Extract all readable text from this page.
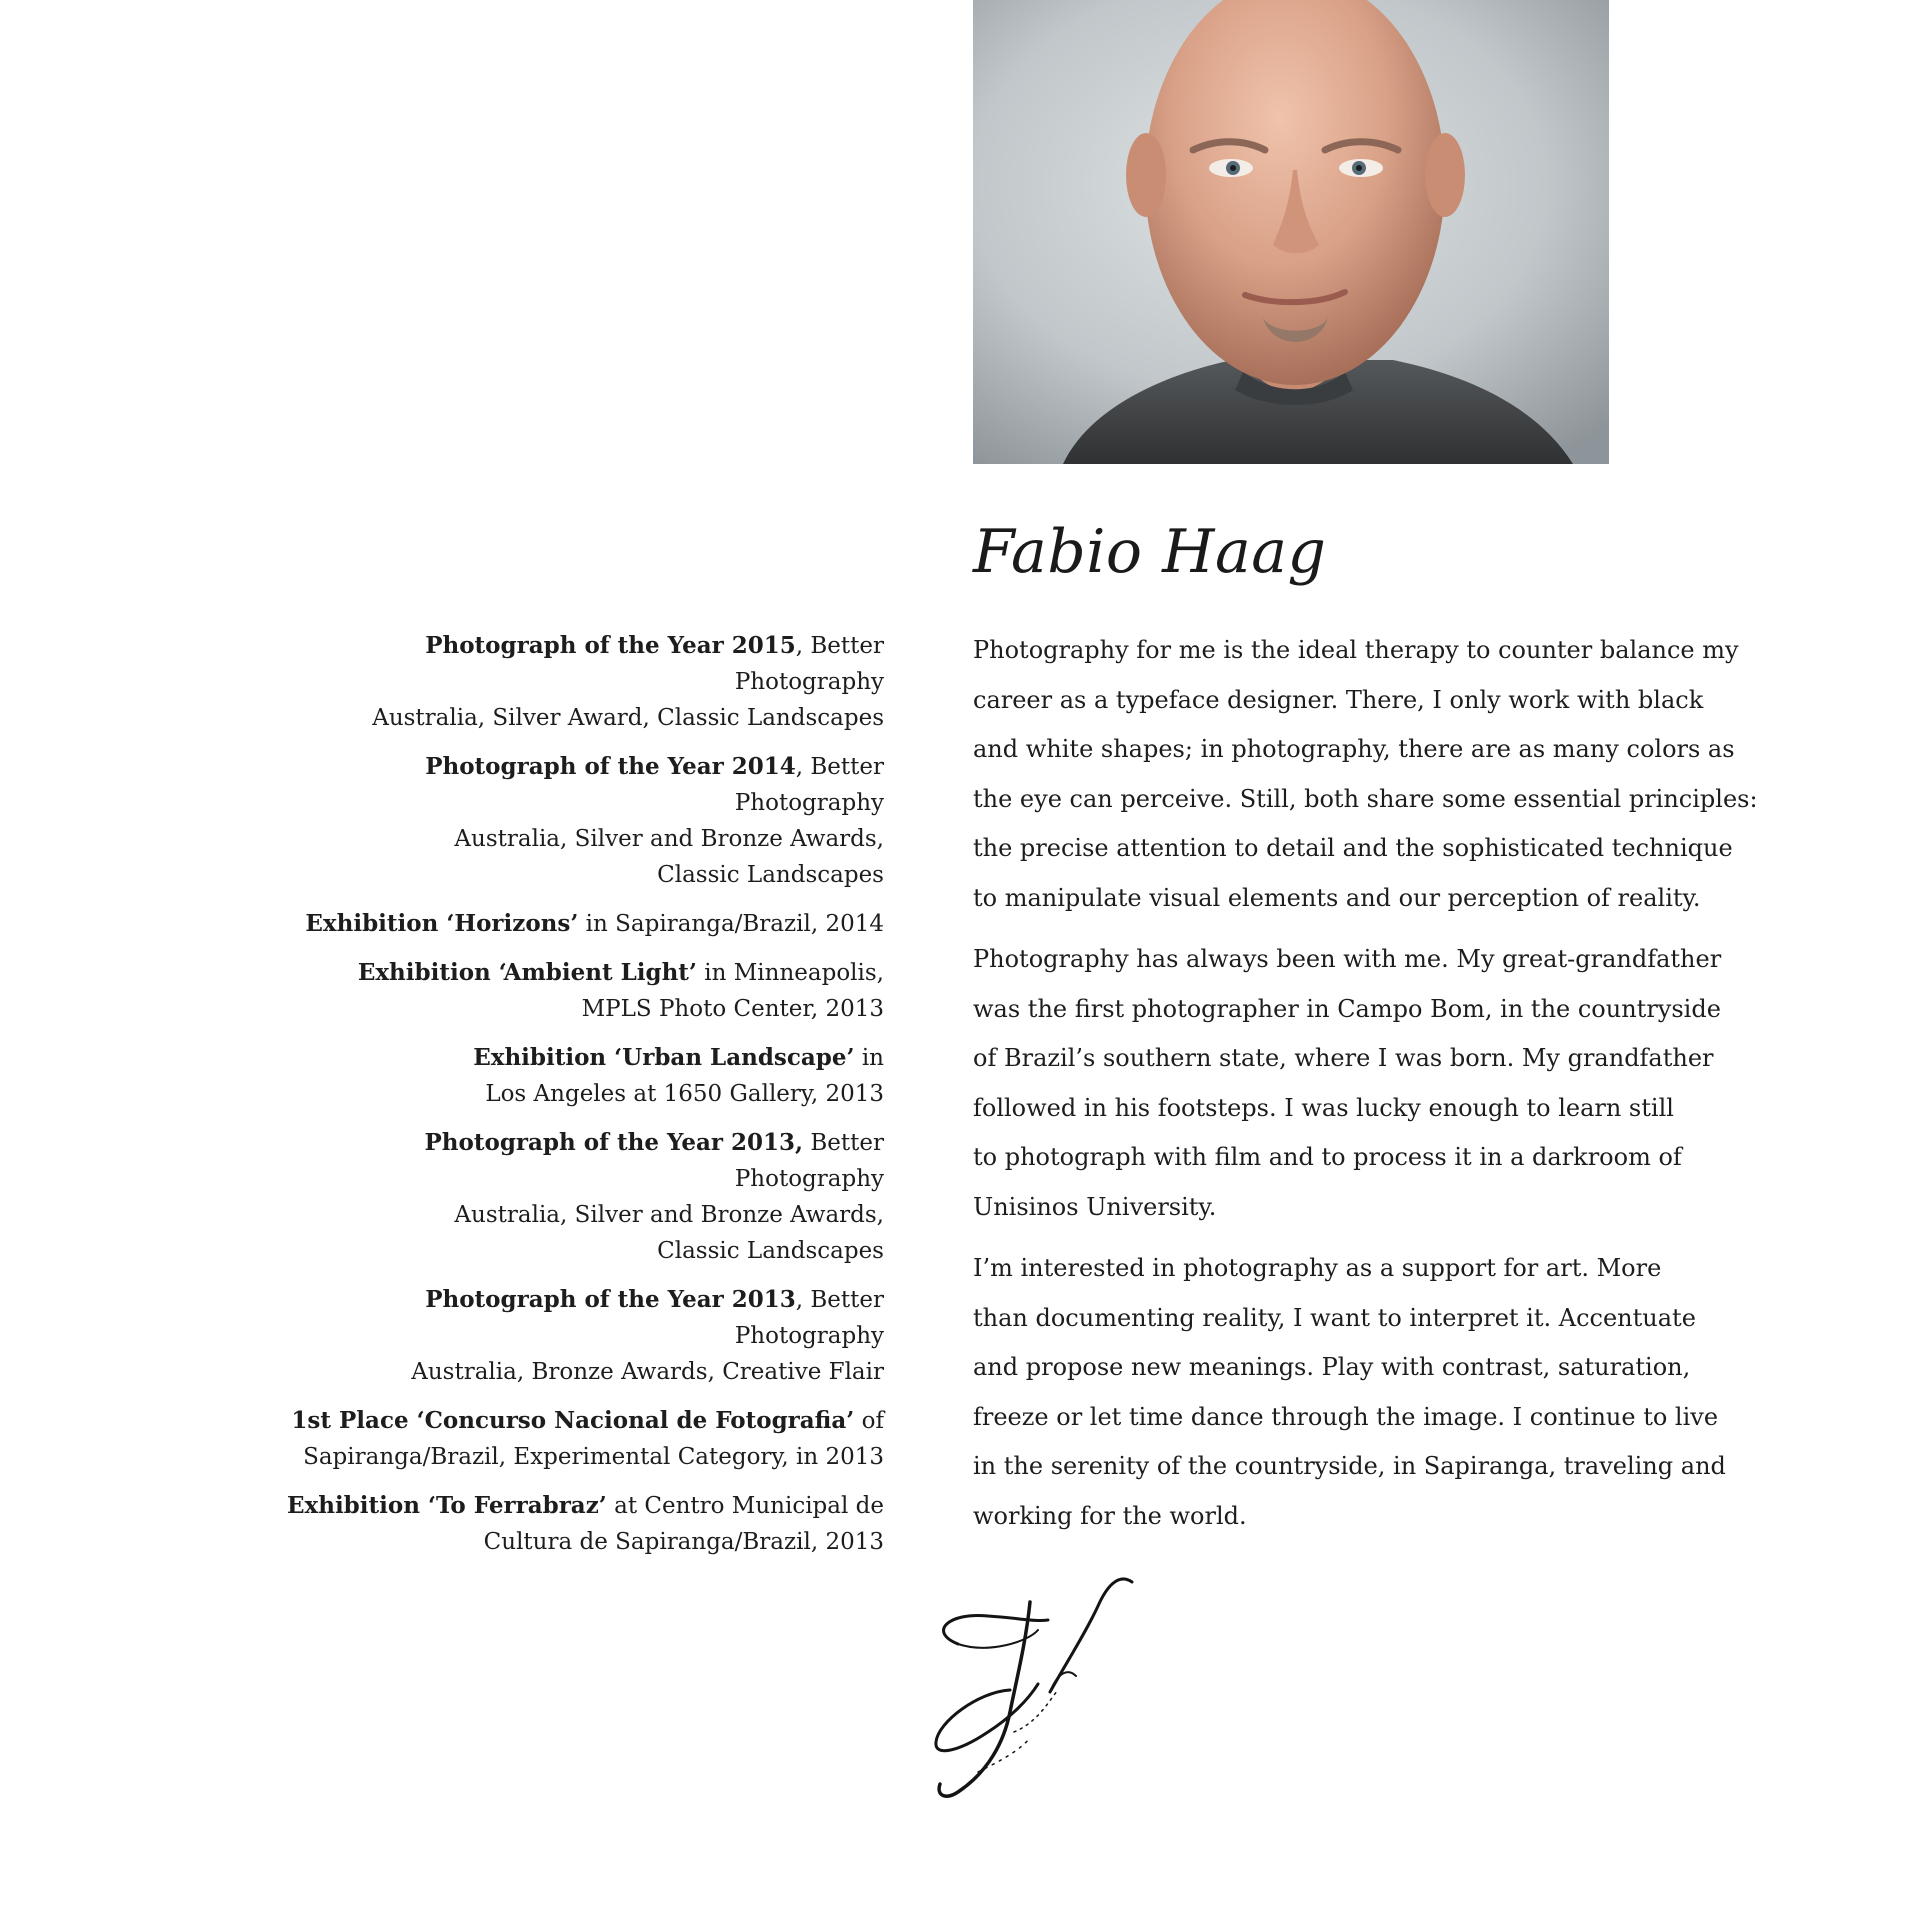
Fabio Haag
Photograph of the Year 2015, Better Photography
Australia, Silver Award, Classic Landscapes
Photograph of the Year 2014, Better Photography
Australia, Silver and Bronze Awards,
Classic Landscapes
Exhibition ‘Horizons’ in Sapiranga/Brazil, 2014
Exhibition ‘Ambient Light’ in Minneapolis,
MPLS Photo Center, 2013
Exhibition ‘Urban Landscape’ in
Los Angeles at 1650 Gallery, 2013
Photograph of the Year 2013, Better Photography
Australia, Silver and Bronze Awards,
Classic Landscapes
Photograph of the Year 2013, Better Photography
Australia, Bronze Awards, Creative Flair
1st Place ‘Concurso Nacional de Fotografia’ of
Sapiranga/Brazil, Experimental Category, in 2013
Exhibition ‘To Ferrabraz’ at Centro Municipal de
Cultura de Sapiranga/Brazil, 2013
Photography for me is the ideal therapy to counter balance my
career as a typeface designer. There, I only work with black
and white shapes; in photography, there are as many colors as
the eye can perceive. Still, both share some essential principles:
the precise attention to detail and the sophisticated technique
to manipulate visual elements and our perception of reality.
Photography has always been with me. My great-grandfather
was the first photographer in Campo Bom, in the countryside
of Brazil’s southern state, where I was born. My grandfather
followed in his footsteps. I was lucky enough to learn still
to photograph with film and to process it in a darkroom of
Unisinos University.
I’m interested in photography as a support for art. More
than documenting reality, I want to interpret it. Accentuate
and propose new meanings. Play with contrast, saturation,
freeze or let time dance through the image. I continue to live
in the serenity of the countryside, in Sapiranga, traveling and
working for the world.
